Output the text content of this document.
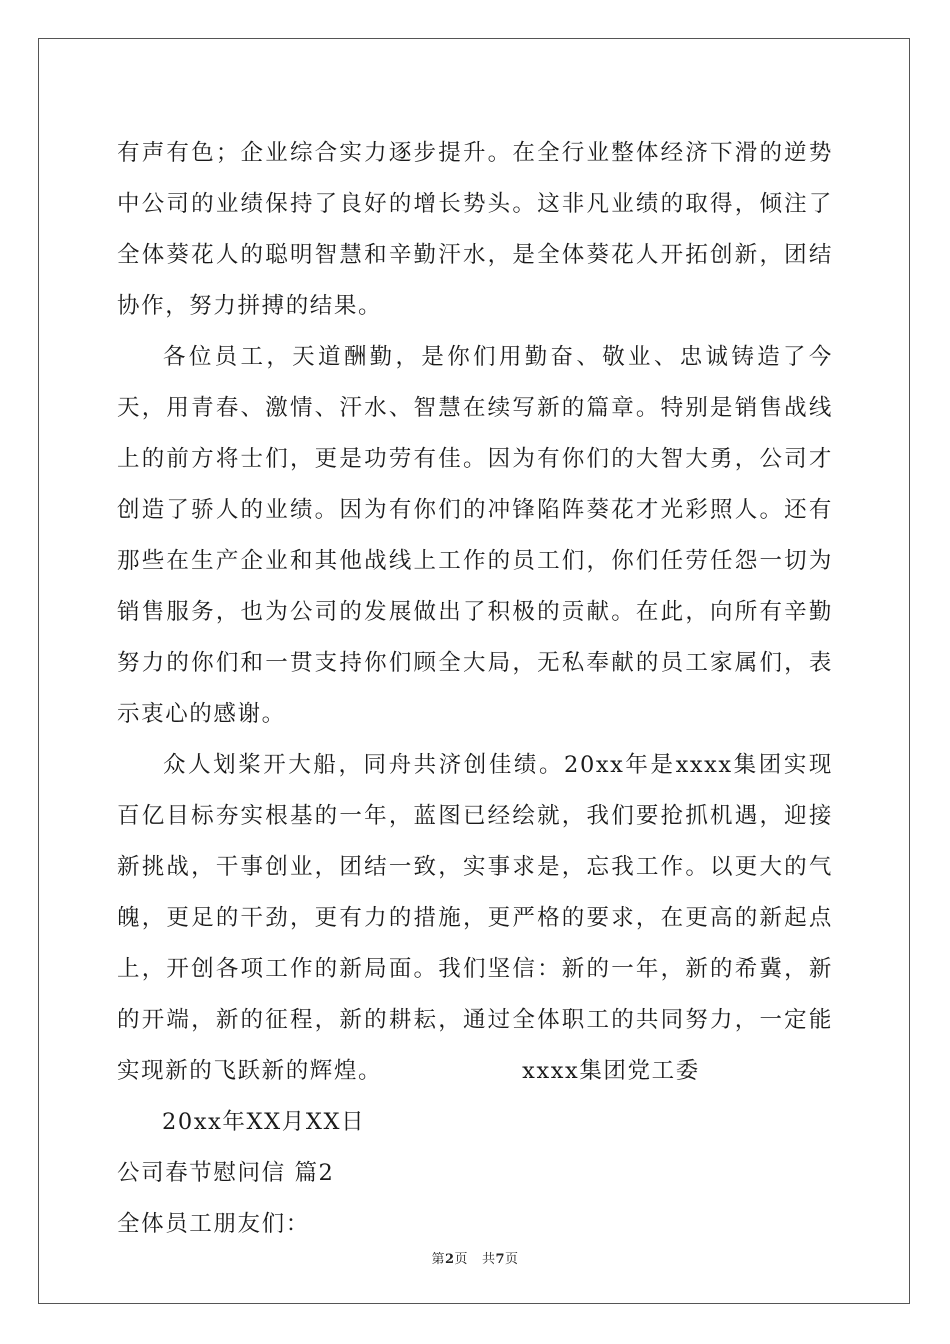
有声有色；企业综合实力逐步提升。在全行业整体经济下滑的逆势中公司的业绩保持了良好的增长势头。这非凡业绩的取得，倾注了全体葵花人的聪明智慧和辛勤汗水，是全体葵花人开拓创新，团结协作，努力拼搏的结果。

各位员工，天道酬勤，是你们用勤奋、敬业、忠诚铸造了今天，用青春、激情、汗水、智慧在续写新的篇章。特别是销售战线上的前方将士们，更是功劳有佳。因为有你们的大智大勇，公司才创造了骄人的业绩。因为有你们的冲锋陷阵葵花才光彩照人。还有那些在生产企业和其他战线上工作的员工们，你们任劳任怨一切为销售服务，也为公司的发展做出了积极的贡献。在此，向所有辛勤努力的你们和一贯支持你们顾全大局，无私奉献的员工家属们，表示衷心的感谢。

众人划桨开大船，同舟共济创佳绩。20xx年是xxxx集团实现百亿目标夯实根基的一年，蓝图已经绘就，我们要抢抓机遇，迎接新挑战，干事创业，团结一致，实事求是，忘我工作。以更大的气魄，更足的干劲，更有力的措施，更严格的要求，在更高的新起点上，开创各项工作的新局面。我们坚信：新的一年，新的希冀，新的开端，新的征程，新的耕耘，通过全体职工的共同努力，一定能实现新的飞跃新的辉煌。	xxxx集团党工委

20xx年XX月XX日

公司春节慰问信 篇2

全体员工朋友们：

第2页 共7页
